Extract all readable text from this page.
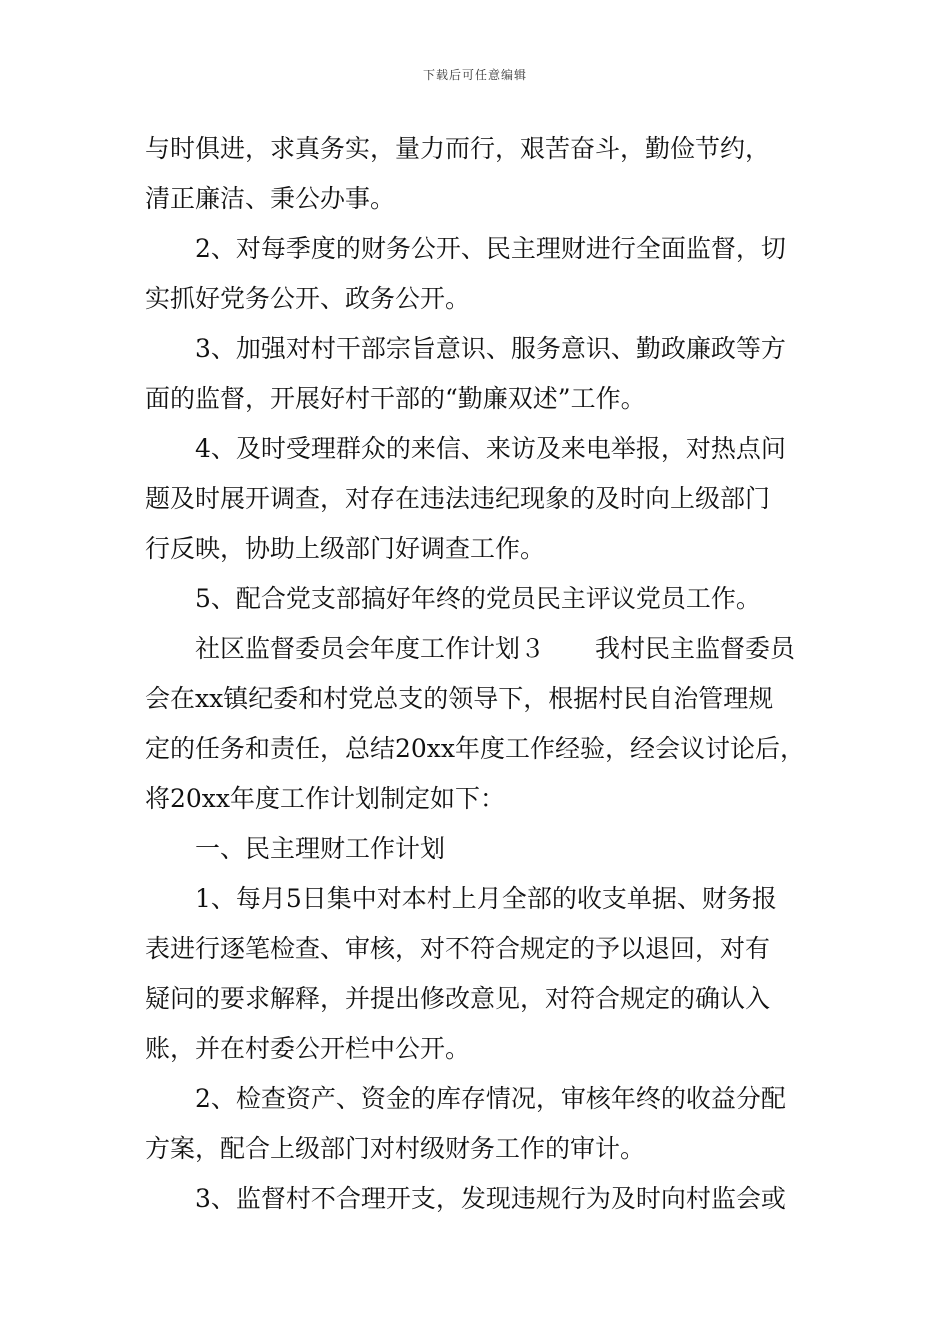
下载后可任意编辑
与时俱进，求真务实，量力而行，艰苦奋斗，勤俭节约，
清正廉洁、秉公办事。
2、对每季度的财务公开、民主理财进行全面监督，切
实抓好党务公开、政务公开。
3、加强对村干部宗旨意识、服务意识、勤政廉政等方
面的监督，开展好村干部的“勤廉双述”工作。
4、及时受理群众的来信、来访及来电举报，对热点问
题及时展开调查，对存在违法违纪现象的及时向上级部门
行反映，协助上级部门好调查工作。
5、配合党支部搞好年终的党员民主评议党员工作。
社区监督委员会年度工作计划３　　我村民主监督委员
会在xx镇纪委和村党总支的领导下，根据村民自治管理规
定的任务和责任，总结20xx年度工作经验，经会议讨论后，
将20xx年度工作计划制定如下：
一、民主理财工作计划
1、每月5日集中对本村上月全部的收支单据、财务报
表进行逐笔检查、审核，对不符合规定的予以退回，对有
疑问的要求解释，并提出修改意见，对符合规定的确认入
账，并在村委公开栏中公开。
2、检查资产、资金的库存情况，审核年终的收益分配
方案，配合上级部门对村级财务工作的审计。
3、监督村不合理开支，发现违规行为及时向村监会或
